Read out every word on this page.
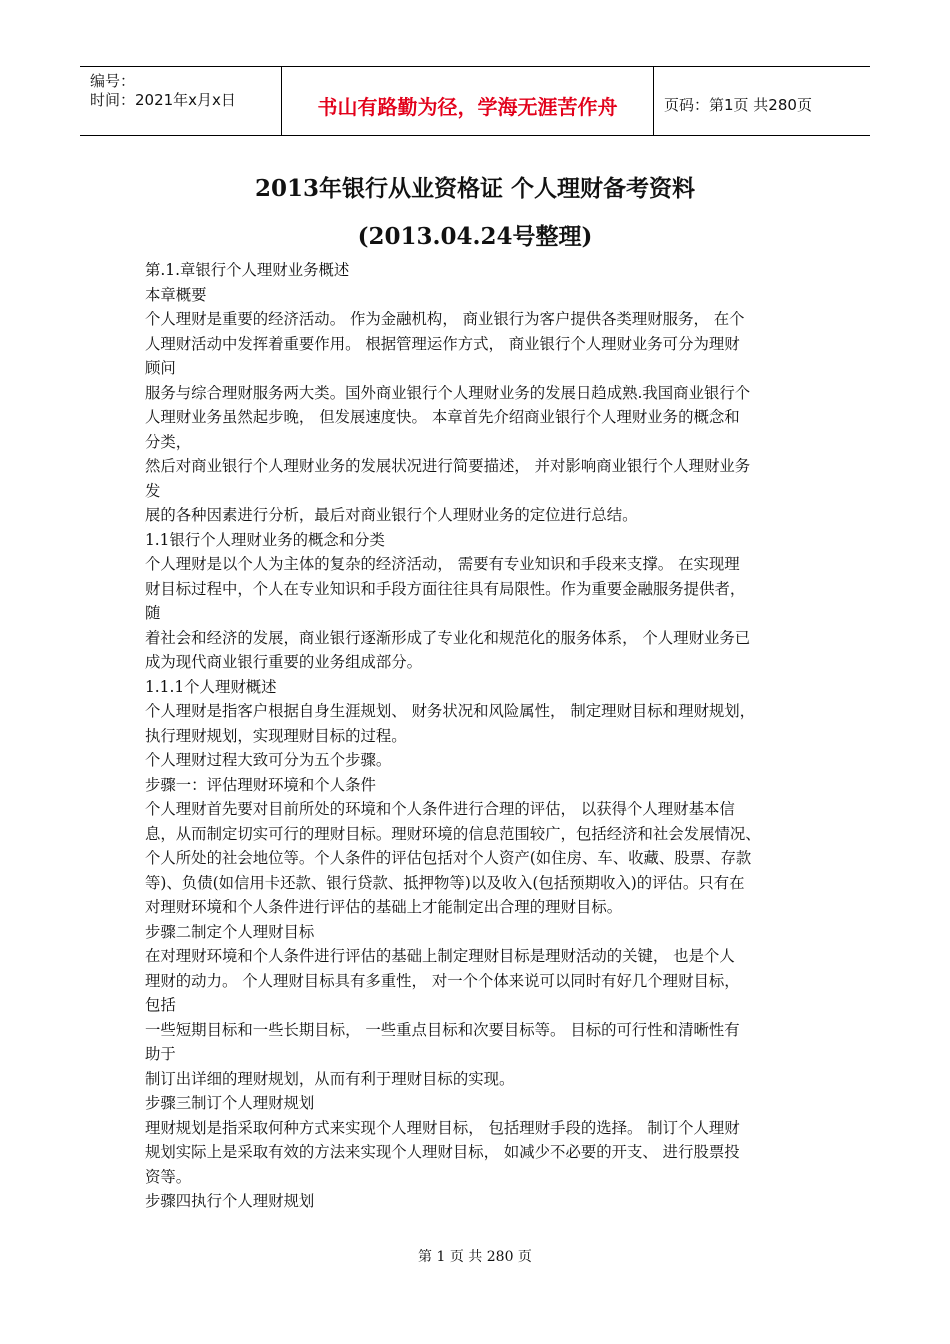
编号：
时间：2021年x月x日	书山有路勤为径，学海无涯苦作舟	页码：第1页 共280页
2013年银行从业资格证 个人理财备考资料
(2013.04.24号整理)
第.1.章银行个人理财业务概述
本章概要
个人理财是重要的经济活动。 作为金融机构， 商业银行为客户提供各类理财服务， 在个
人理财活动中发挥着重要作用。 根据管理运作方式， 商业银行个人理财业务可分为理财
顾问
服务与综合理财服务两大类。国外商业银行个人理财业务的发展日趋成熟.我国商业银行个
人理财业务虽然起步晚， 但发展速度快。 本章首先介绍商业银行个人理财业务的概念和
分类，
然后对商业银行个人理财业务的发展状况进行简要描述， 并对影响商业银行个人理财业务
发
展的各种因素进行分析，最后对商业银行个人理财业务的定位进行总结。
1.1银行个人理财业务的概念和分类
个人理财是以个人为主体的复杂的经济活动， 需要有专业知识和手段来支撑。 在实现理
财目标过程中，个人在专业知识和手段方面往往具有局限性。作为重要金融服务提供者，
随
着社会和经济的发展，商业银行逐渐形成了专业化和规范化的服务体系， 个人理财业务已
成为现代商业银行重要的业务组成部分。
1.1.1个人理财概述
个人理财是指客户根据自身生涯规划、 财务状况和风险属性， 制定理财目标和理财规划，
执行理财规划，实现理财目标的过程。
个人理财过程大致可分为五个步骤。
步骤一：评估理财环境和个人条件
个人理财首先要对目前所处的环境和个人条件进行合理的评估， 以获得个人理财基本信
息，从而制定切实可行的理财目标。理财环境的信息范围较广，包括经济和社会发展情况、
个人所处的社会地位等。个人条件的评估包括对个人资产(如住房、车、收藏、股票、存款
等)、负债(如信用卡还款、银行贷款、抵押物等)以及收入(包括预期收入)的评估。只有在
对理财环境和个人条件进行评估的基础上才能制定出合理的理财目标。
步骤二制定个人理财目标
在对理财环境和个人条件进行评估的基础上制定理财目标是理财活动的关键， 也是个人
理财的动力。 个人理财目标具有多重性， 对一个个体来说可以同时有好几个理财目标，
包括
一些短期目标和一些长期目标， 一些重点目标和次要目标等。 目标的可行性和清晰性有
助于
制订出详细的理财规划，从而有利于理财目标的实现。
步骤三制订个人理财规划
理财规划是指采取何种方式来实现个人理财目标， 包括理财手段的选择。 制订个人理财
规划实际上是采取有效的方法来实现个人理财目标， 如减少不必要的开支、 进行股票投
资等。
步骤四执行个人理财规划
第 1 页 共 280 页
